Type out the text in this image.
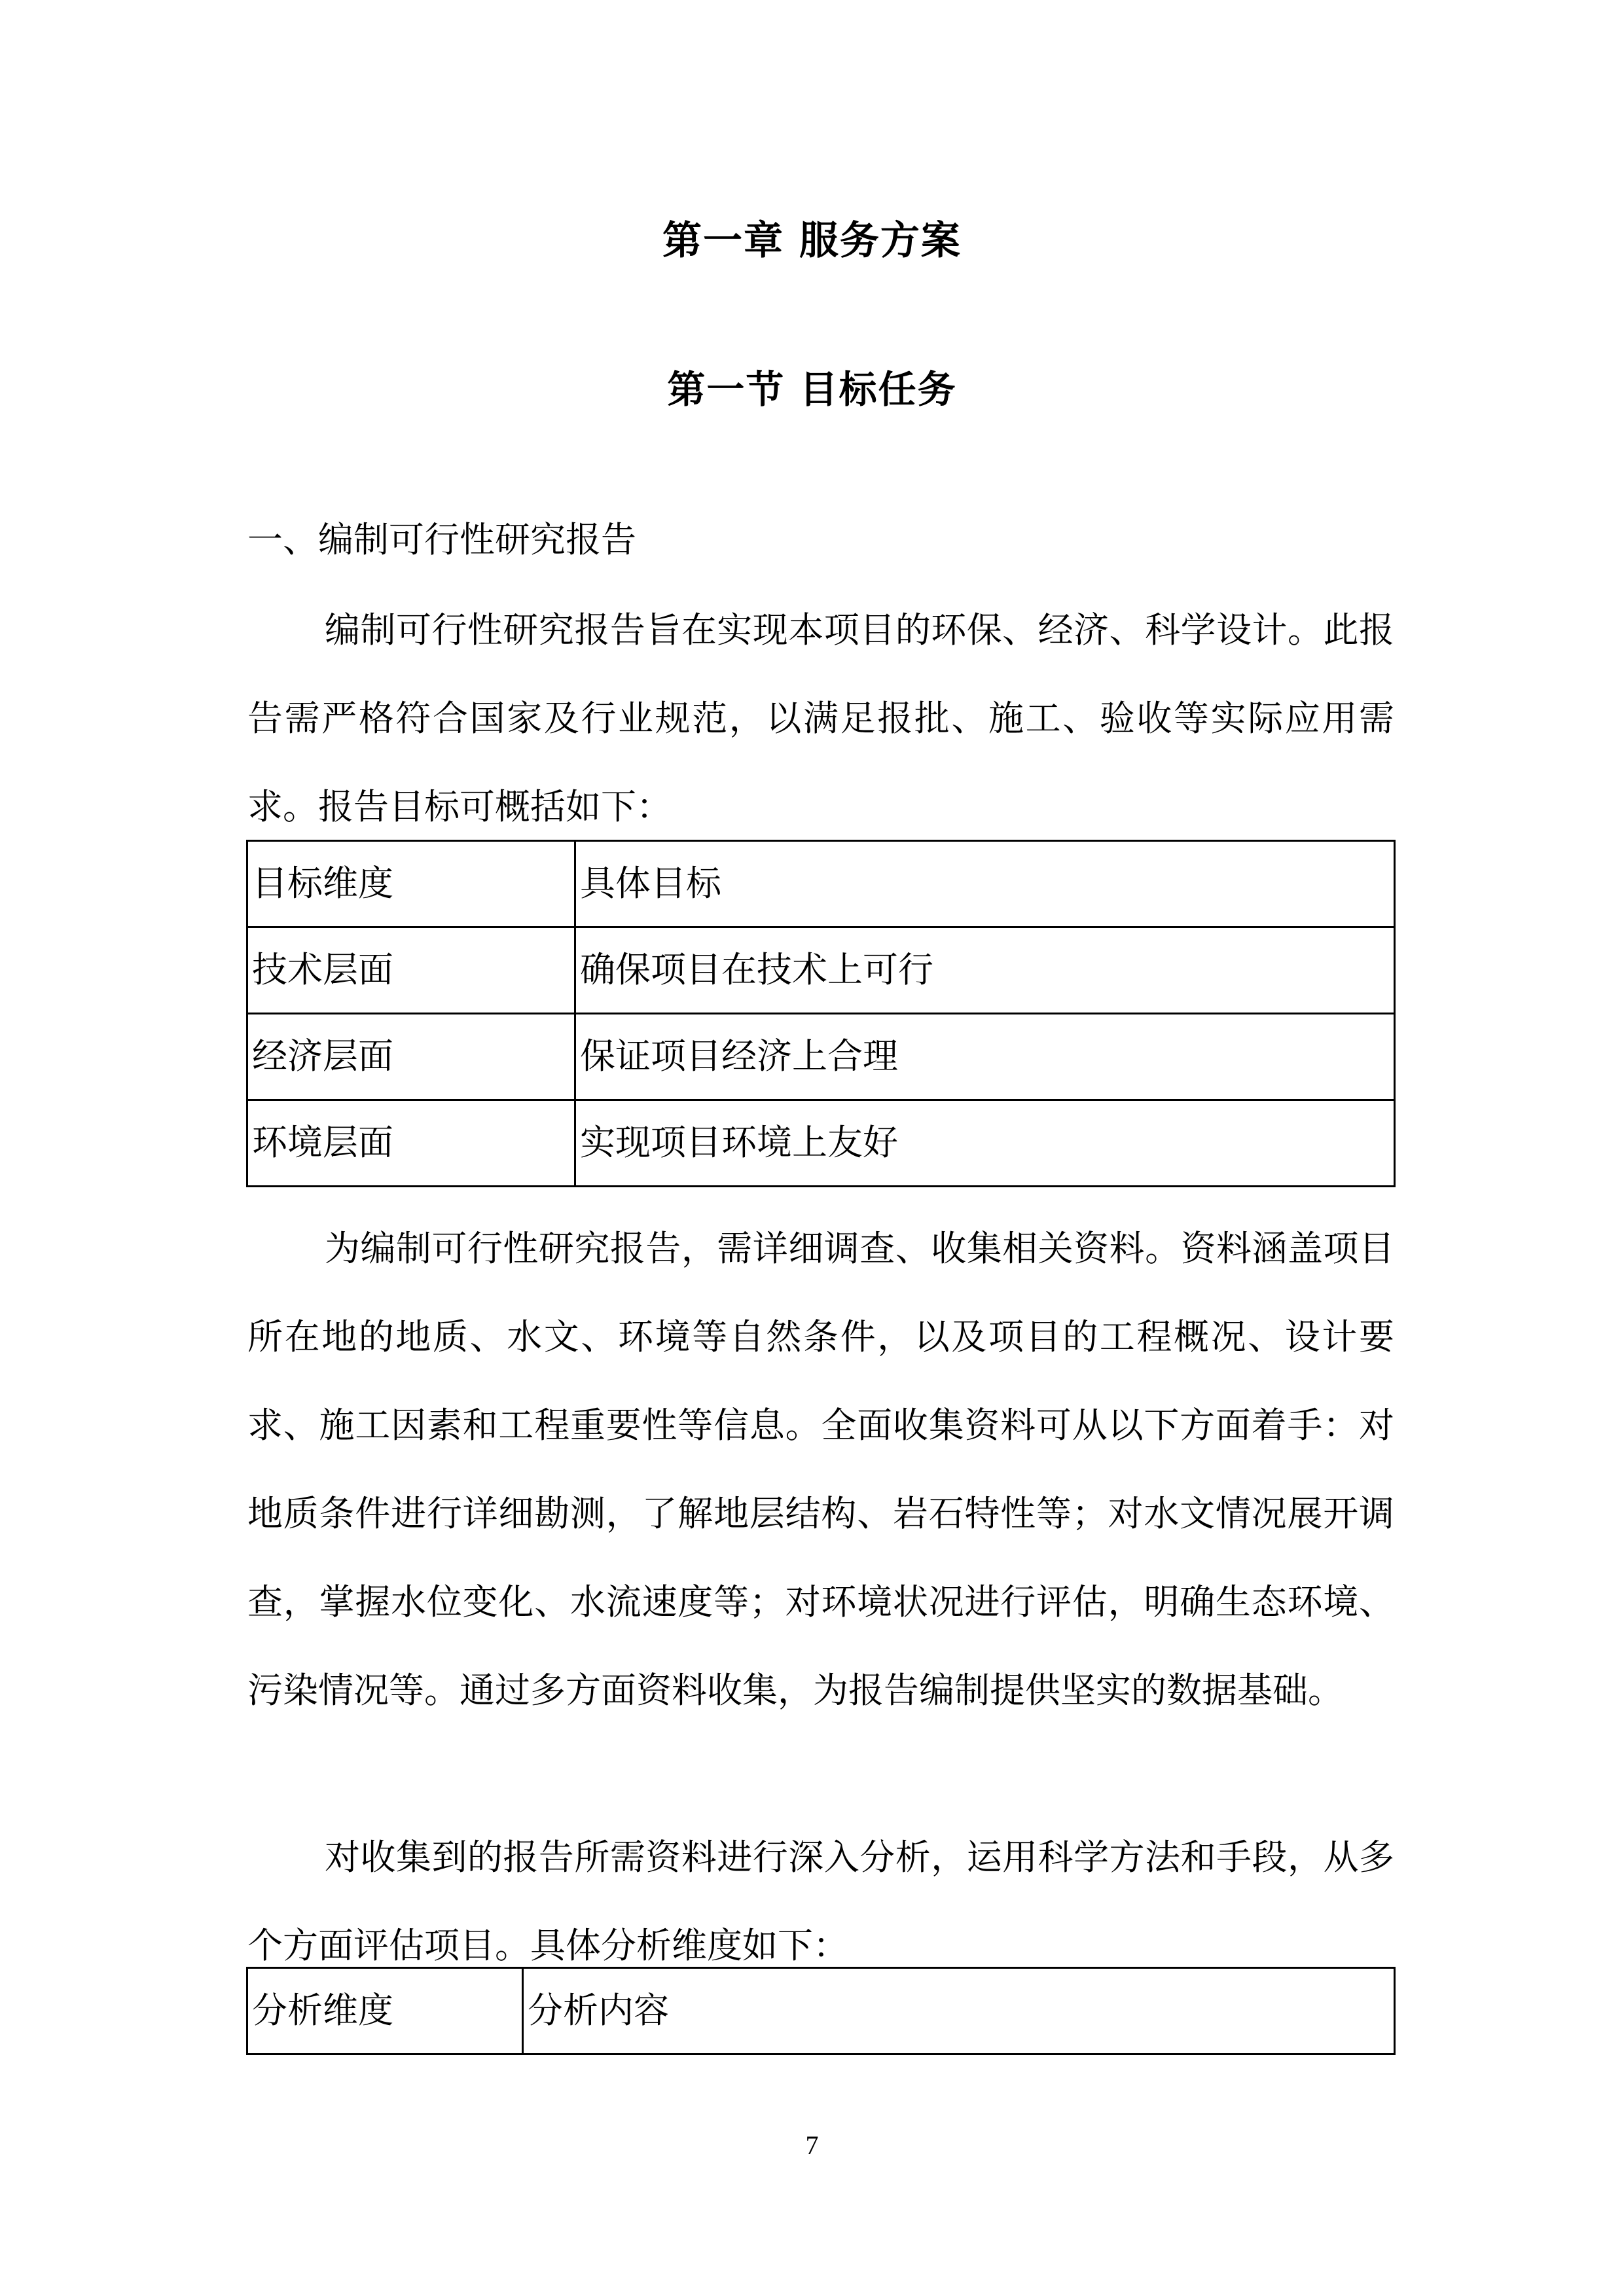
第一章 服务方案
第一节 目标任务
一、编制可行性研究报告
编制可行性研究报告旨在实现本项目的环保、经济、科学设计。此报告需严格符合国家及行业规范，以满足报批、施工、验收等实际应用需求。报告目标可概括如下：
目标维度	具体目标
技术层面	确保项目在技术上可行
经济层面	保证项目经济上合理
环境层面	实现项目环境上友好
为编制可行性研究报告，需详细调查、收集相关资料。资料涵盖项目所在地的地质、水文、环境等自然条件，以及项目的工程概况、设计要求、施工因素和工程重要性等信息。全面收集资料可从以下方面着手：对地质条件进行详细勘测，了解地层结构、岩石特性等；对水文情况展开调查，掌握水位变化、水流速度等；对环境状况进行评估，明确生态环境、污染情况等。通过多方面资料收集，为报告编制提供坚实的数据基础。
对收集到的报告所需资料进行深入分析，运用科学方法和手段，从多个方面评估项目。具体分析维度如下：
分析维度	分析内容
7
